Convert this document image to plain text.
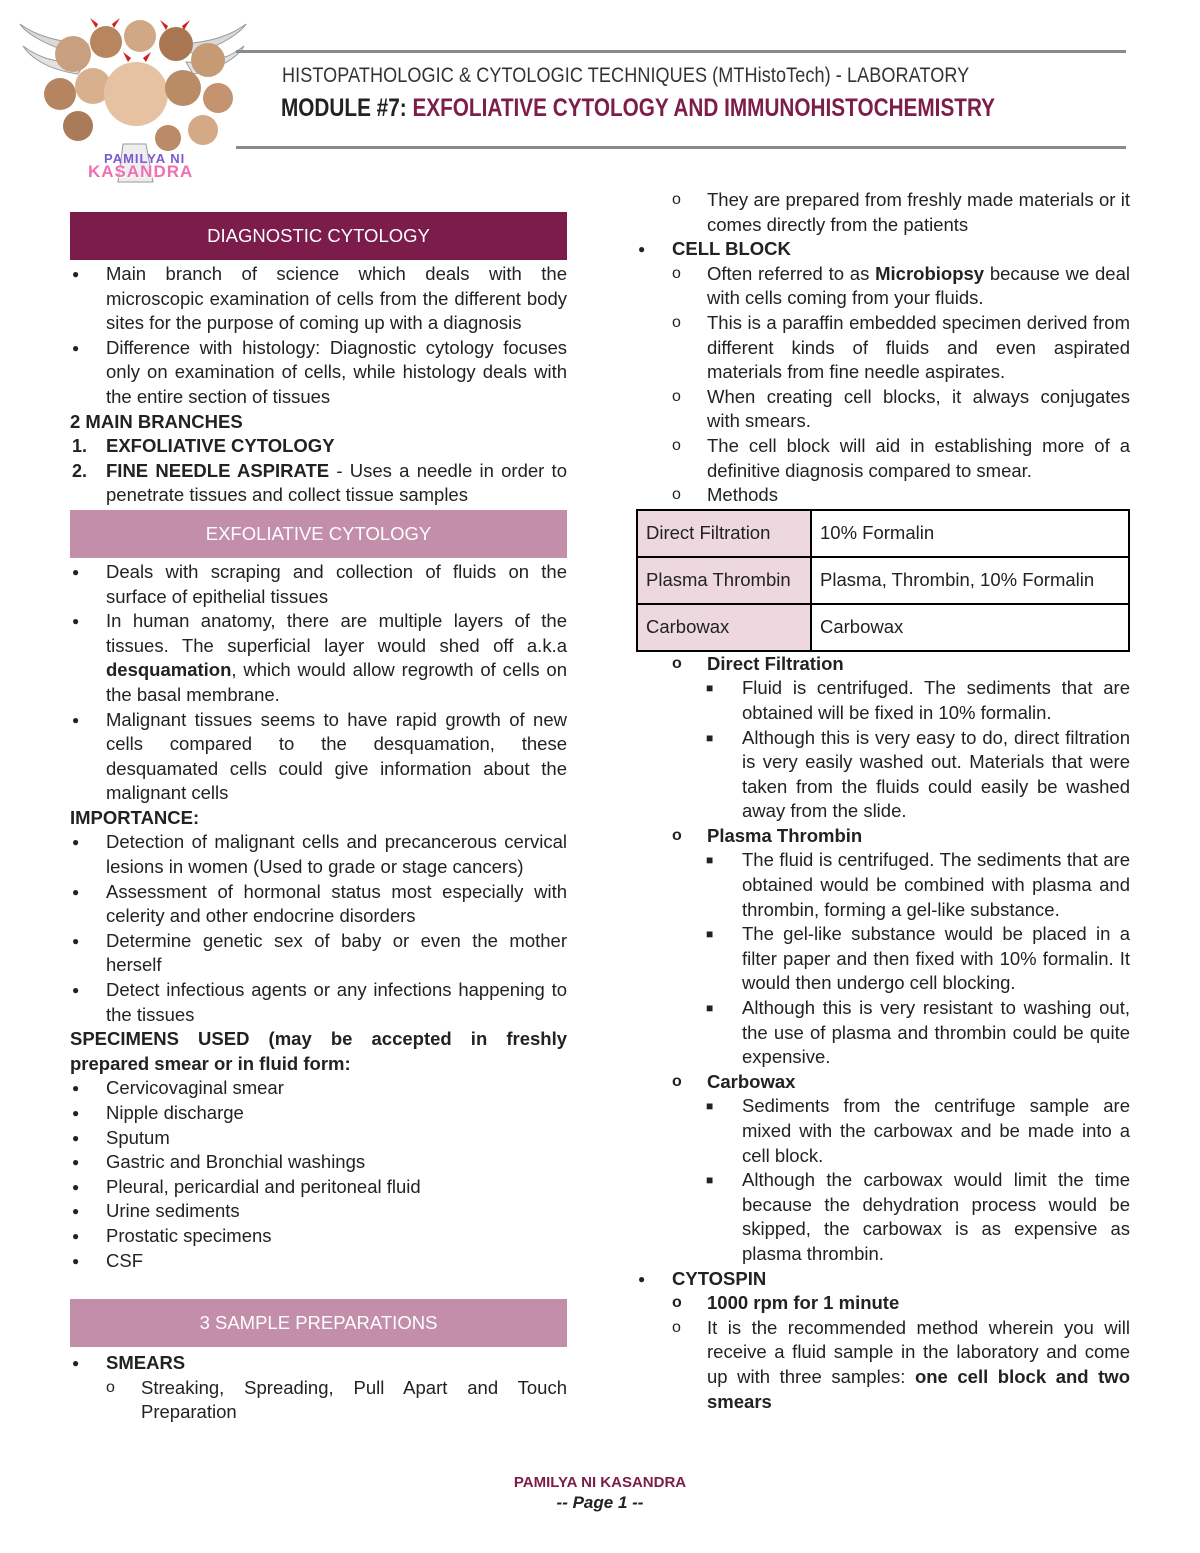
PAMILYA NI
KASANDRA
HISTOPATHOLOGIC & CYTOLOGIC TECHNIQUES (MTHistoTech) - LABORATORY
MODULE #7: EXFOLIATIVE CYTOLOGY AND IMMUNOHISTOCHEMISTRY
DIAGNOSTIC CYTOLOGY
●
Main branch of science which deals with the microscopic examination of cells from the different body sites for the purpose of coming up with a diagnosis
●
Difference with histology: Diagnostic cytology focuses only on examination of cells, while histology deals with the entire section of tissues
2 MAIN BRANCHES
1. EXFOLIATIVE CYTOLOGY
2. FINE NEEDLE ASPIRATE - Uses a needle in order to penetrate tissues and collect tissue samples
EXFOLIATIVE CYTOLOGY
●
Deals with scraping and collection of fluids on the surface of epithelial tissues
●
In human anatomy, there are multiple layers of the tissues. The superficial layer would shed off a.k.a desquamation, which would allow regrowth of cells on the basal membrane.
●
Malignant tissues seems to have rapid growth of new cells compared to the desquamation, these desquamated cells could give information about the malignant cells
IMPORTANCE:
●
Detection of malignant cells and precancerous cervical lesions in women (Used to grade or stage cancers)
●
Assessment of hormonal status most especially with celerity and other endocrine disorders
●
Determine genetic sex of baby or even the mother herself
●
Detect infectious agents or any infections happening to the tissues
SPECIMENS USED (may be accepted in freshly prepared smear or in fluid form:
●
Cervicovaginal smear
●
Nipple discharge
●
Sputum
●
Gastric and Bronchial washings
●
Pleural, pericardial and peritoneal fluid
●
Urine sediments
●
Prostatic specimens
●
CSF
3 SAMPLE PREPARATIONS
●
SMEARS
o
Streaking, Spreading, Pull Apart and Touch Preparation
o
They are prepared from freshly made materials or it comes directly from the patients
●
CELL BLOCK
o
Often referred to as Microbiopsy because we deal with cells coming from your fluids.
o
This is a paraffin embedded specimen derived from different kinds of fluids and even aspirated materials from fine needle aspirates.
o
When creating cell blocks, it always conjugates with smears.
o
The cell block will aid in establishing more of a definitive diagnosis compared to smear.
o
Methods
Direct Filtration	10% Formalin
Plasma Thrombin	Plasma, Thrombin, 10% Formalin
Carbowax	Carbowax
o
Direct Filtration
■
Fluid is centrifuged. The sediments that are obtained will be fixed in 10% formalin.
■
Although this is very easy to do, direct filtration is very easily washed out. Materials that were taken from the fluids could easily be washed away from the slide.
o
Plasma Thrombin
■
The fluid is centrifuged. The sediments that are obtained would be combined with plasma and thrombin, forming a gel-like substance.
■
The gel-like substance would be placed in a filter paper and then fixed with 10% formalin. It would then undergo cell blocking.
■
Although this is very resistant to washing out, the use of plasma and thrombin could be quite expensive.
o
Carbowax
■
Sediments from the centrifuge sample are mixed with the carbowax and be made into a cell block.
■
Although the carbowax would limit the time because the dehydration process would be skipped, the carbowax is as expensive as plasma thrombin.
●
CYTOSPIN
o
1000 rpm for 1 minute
o
It is the recommended method wherein you will receive a fluid sample in the laboratory and come up with three samples: one cell block and two smears
PAMILYA NI KASANDRA
-- Page 1 --
